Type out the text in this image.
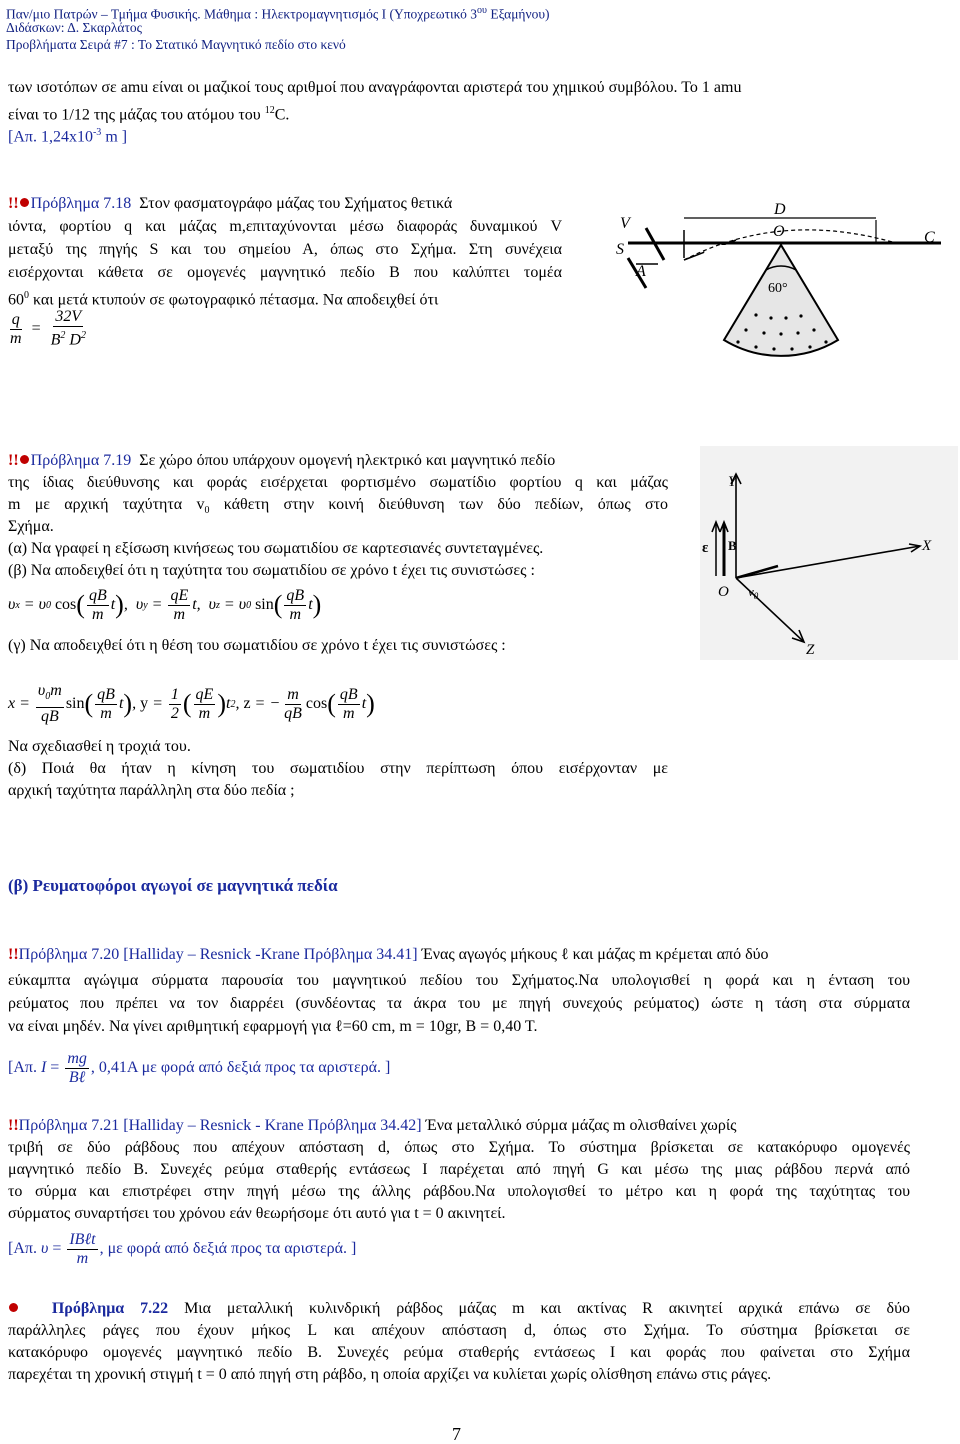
Παν/μιο Πατρών – Τμήμα Φυσικής. Μάθημα : Ηλεκτρομαγνητισμός Ι (Υποχρεωτικό $3^{o\upsilon}$ Εξαμήνου)
Διδάσκων: Δ. Σκαρλάτος
Προβλήματα Σειρά #7 : Το Στατικό Μαγνητικό πεδίο στο κενό
των ισοτόπων σε amu είναι οι μαζικοί τους αριθμοί που αναγράφονται αριστερά του χημικού συμβόλου. Το 1 amu
είναι το 1/12 της μάζας του ατόμου του $^{12}$C.
[Απ. $1,24x10^{-3}$ m ]
!! Πρόβλημα 7.18 Στον φασματογράφο μάζας του Σχήματος θετικά
ιόντα, φορτίου q και μάζας m,επιταχύνονται μέσω διαφοράς δυναμικού V
μεταξύ της πηγής S και του σημείου Α, όπως στο Σχήμα. Στη συνέχεια
εισέρχονται κάθετα σε ομογενές μαγνητικό πεδίο Β που καλύπτει τομέα
$60^0$ και μετά κτυπούν σε φωτογραφικό πέτασμα. Να αποδειχθεί ότι
$\frac{q}{m} = \frac{32V}{B^2 D^2}$
V
D
O	C
S
A
60°
!! Πρόβλημα 7.19 Σε χώρο όπου υπάρχουν ομογενή ηλεκτρικό και μαγνητικό πεδίο
της ίδιας διεύθυνσης και φοράς εισέρχεται φορτισμένο σωματίδιο φορτίου q και μάζας
m με αρχική ταχύτητα $v_0$ κάθετη στην κοινή διεύθυνση των δύο πεδίων, όπως στο
Σχήμα.
(α) Να γραφεί η εξίσωση κινήσεως του σωματιδίου σε καρτεσιανές συντεταγμένες.
(β) Να αποδειχθεί ότι η ταχύτητα του σωματιδίου σε χρόνο t έχει τις συνιστώσες :
υ x = υ 0
cos ( $\frac{qB}{m}$ t ) , υ $y = \frac{qE}{m}$ t , υ z = υ 0
sin ( $\frac{qB}{m}$ t )
(γ) Να αποδειχθεί ότι η θέση του σωματιδίου σε χρόνο t έχει τις συνιστώσες :
$x = \frac{\upsilon_0m}{qB}$ sin ( $\frac{qB}{m}$ t ) , $y = \frac{1}{2}$ ( $\frac{qE}{m}$ ) t 2 , z = − $\frac{m}{qB}$ cos ( $\frac{qB}{m}$ t )
Να σχεδιασθεί η τροχιά του.
(δ) Ποιά θα ήταν η κίνηση του σωματιδίου στην περίπτωση όπου εισέρχονταν με
αρχική ταχύτητα παράλληλη στα δύο πεδία ;
Y
X
Z
O $v_0$
ε Β
(β) Ρευματοφόροι αγωγοί σε μαγνητικά πεδία
!!Πρόβλημα 7.20 [Halliday – Resnick -Krane Πρόβλημα 34.41] Ένας αγωγός μήκους ℓ και μάζας m κρέμεται από δύο
εύκαμπτα αγώγιμα σύρματα παρουσία του μαγνητικού πεδίου του Σχήματος.Να υπολογισθεί η φορά και η ένταση του
ρεύματος που πρέπει να τον διαρρέει (συνδέοντας τα άκρα του με πηγή συνεχούς ρεύματος) ώστε η τάση στα σύρματα
να είναι μηδέν. Να γίνει αριθμητική εφαρμογή για ℓ=60 cm, m = 10gr, B = 0,40 T.
[Απ.
$I = \frac{mg}{\text{Bℓ}}$ , 0,41Α με φορά από δεξιά προς τα αριστερά. ]
!!Πρόβλημα 7.21 [Halliday – Resnick - Krane Πρόβλημα 34.42] Ένα μεταλλικό σύρμα μάζας m ολισθαίνει χωρίς
τριβή σε δύο ράβδους που απέχουν απόσταση d, όπως στο Σχήμα. Το σύστημα βρίσκεται σε κατακόρυφο ομογενές
μαγνητικό πεδίο Β. Συνεχές ρεύμα σταθερής εντάσεως I παρέχεται από πηγή G και μέσω της μιας ράβδου περνά από
το σύρμα και επιστρέφει στην πηγή μέσω της άλλης ράβδου.Να υπολογισθεί το μέτρο και η φορά της ταχύτητας του
σύρματος συναρτήσει του χρόνου εάν θεωρήσομε ότι αυτό για t = 0 ακινητεί.
[Απ.
$\upsilon = \frac{\text{IBℓt}}{m}$ , με φορά από δεξιά προς τα αριστερά. ]
Πρόβλημα 7.22 Μια μεταλλική κυλινδρική ράβδος μάζας m και ακτίνας R ακινητεί αρχικά επάνω σε δύο
παράλληλες ράγες που έχουν μήκος L και απέχουν απόσταση d, όπως στο Σχήμα. Το σύστημα βρίσκεται σε
κατακόρυφο ομογενές μαγνητικό πεδίο Β. Συνεχές ρεύμα σταθερής εντάσεως I και φοράς που φαίνεται στο Σχήμα
παρεχέται τη χρονική στιγμή t = 0 από πηγή στη ράβδο, η οποία αρχίζει να κυλίεται χωρίς ολίσθηση επάνω στις ράγες.
7
